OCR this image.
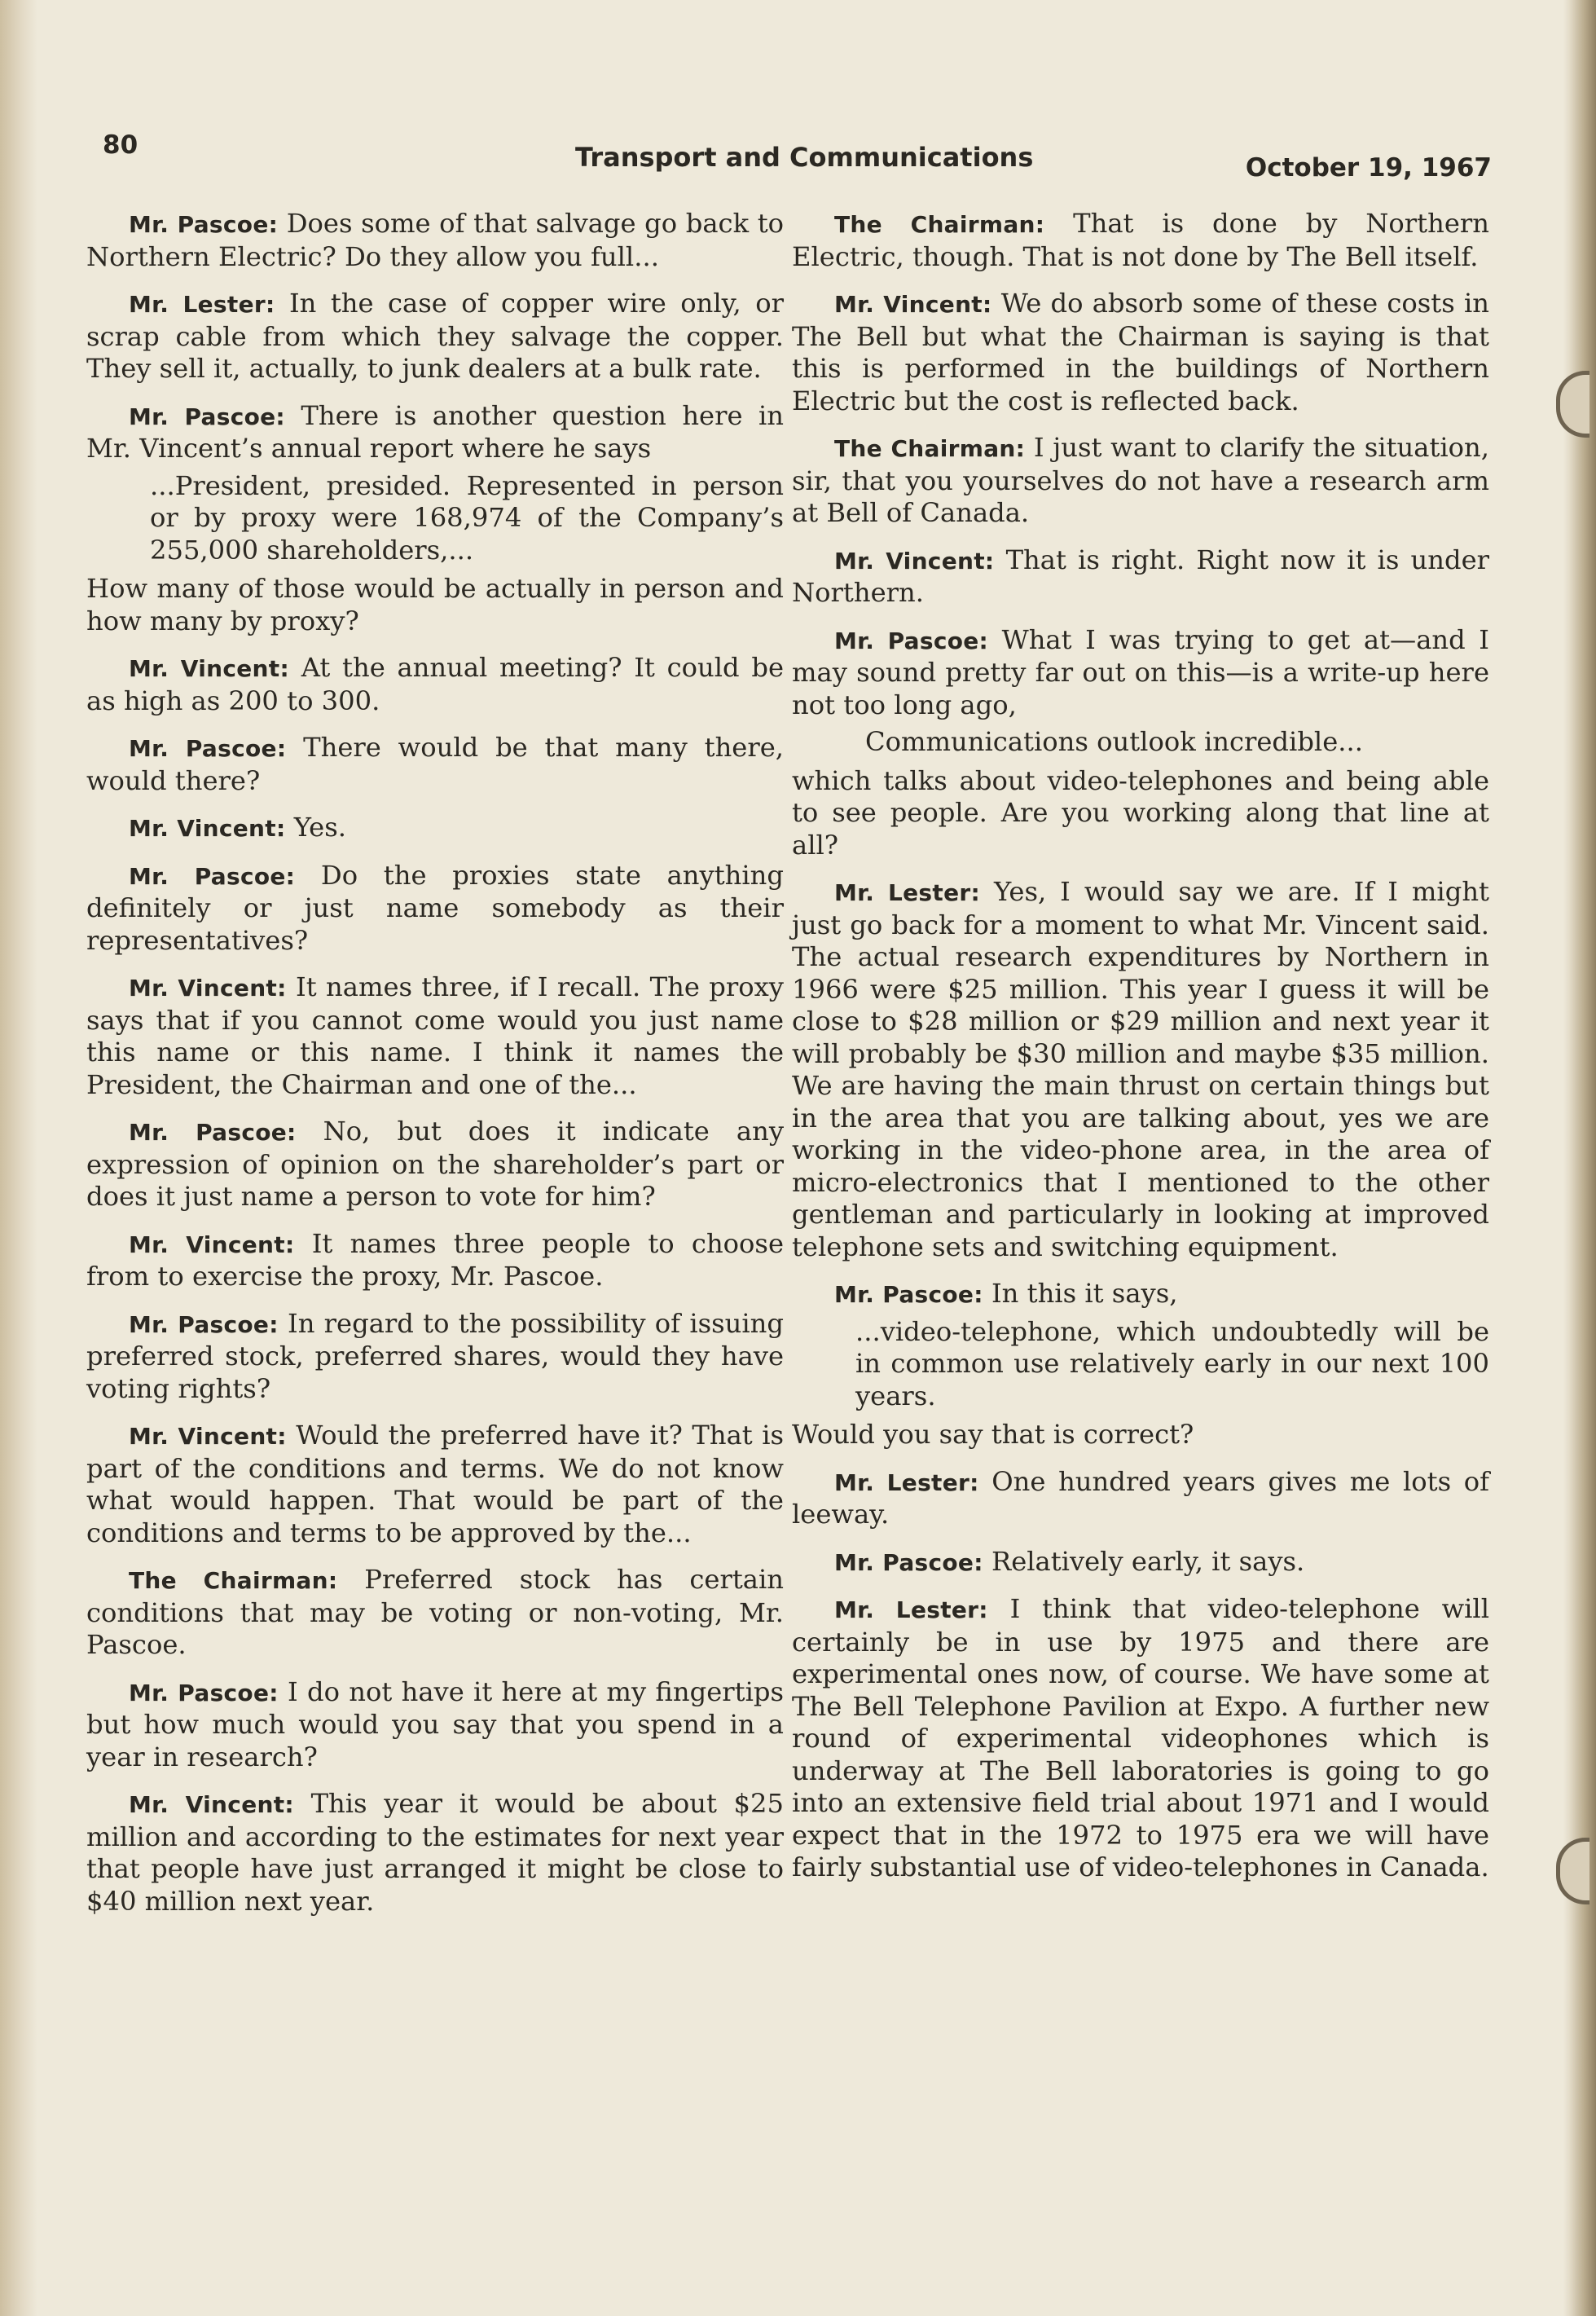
80	Transport and Communications	October 19, 1967

Mr. Pascoe: Does some of that salvage go back to Northern Electric? Do they allow you full...

Mr. Lester: In the case of copper wire only, or scrap cable from which they salvage the copper. They sell it, actually, to junk dealers at a bulk rate.

Mr. Pascoe: There is another question here in Mr. Vincent’s annual report where he says

...President, presided. Represented in person or by proxy were 168,974 of the Company’s 255,000 shareholders,...

How many of those would be actually in person and how many by proxy?

Mr. Vincent: At the annual meeting? It could be as high as 200 to 300.

Mr. Pascoe: There would be that many there, would there?

Mr. Vincent: Yes.

Mr. Pascoe: Do the proxies state anything definitely or just name somebody as their representatives?

Mr. Vincent: It names three, if I recall. The proxy says that if you cannot come would you just name this name or this name. I think it names the President, the Chairman and one of the...

Mr. Pascoe: No, but does it indicate any expression of opinion on the shareholder’s part or does it just name a person to vote for him?

Mr. Vincent: It names three people to choose from to exercise the proxy, Mr. Pascoe.

Mr. Pascoe: In regard to the possibility of issuing preferred stock, preferred shares, would they have voting rights?

Mr. Vincent: Would the preferred have it? That is part of the conditions and terms. We do not know what would happen. That would be part of the conditions and terms to be approved by the...

The Chairman: Preferred stock has certain conditions that may be voting or non-voting, Mr. Pascoe.

Mr. Pascoe: I do not have it here at my fingertips but how much would you say that you spend in a year in research?

Mr. Vincent: This year it would be about $25 million and according to the estimates for next year that people have just arranged it might be close to $40 million next year.

The Chairman: That is done by Northern Electric, though. That is not done by The Bell itself.

Mr. Vincent: We do absorb some of these costs in The Bell but what the Chairman is saying is that this is performed in the buildings of Northern Electric but the cost is reflected back.

The Chairman: I just want to clarify the situation, sir, that you yourselves do not have a research arm at Bell of Canada.

Mr. Vincent: That is right. Right now it is under Northern.

Mr. Pascoe: What I was trying to get at—and I may sound pretty far out on this—is a write-up here not too long ago,

Communications outlook incredible...

which talks about video-telephones and being able to see people. Are you working along that line at all?

Mr. Lester: Yes, I would say we are. If I might just go back for a moment to what Mr. Vincent said. The actual research expenditures by Northern in 1966 were $25 million. This year I guess it will be close to $28 million or $29 million and next year it will probably be $30 million and maybe $35 million. We are having the main thrust on certain things but in the area that you are talking about, yes we are working in the video-phone area, in the area of micro-electronics that I mentioned to the other gentleman and particularly in looking at improved telephone sets and switching equipment.

Mr. Pascoe: In this it says,

...video-telephone, which undoubtedly will be in common use relatively early in our next 100 years.

Would you say that is correct?

Mr. Lester: One hundred years gives me lots of leeway.

Mr. Pascoe: Relatively early, it says.

Mr. Lester: I think that video-telephone will certainly be in use by 1975 and there are experimental ones now, of course. We have some at The Bell Telephone Pavilion at Expo. A further new round of experimental videophones which is underway at The Bell laboratories is going to go into an extensive field trial about 1971 and I would expect that in the 1972 to 1975 era we will have fairly substantial use of video-telephones in Canada.
